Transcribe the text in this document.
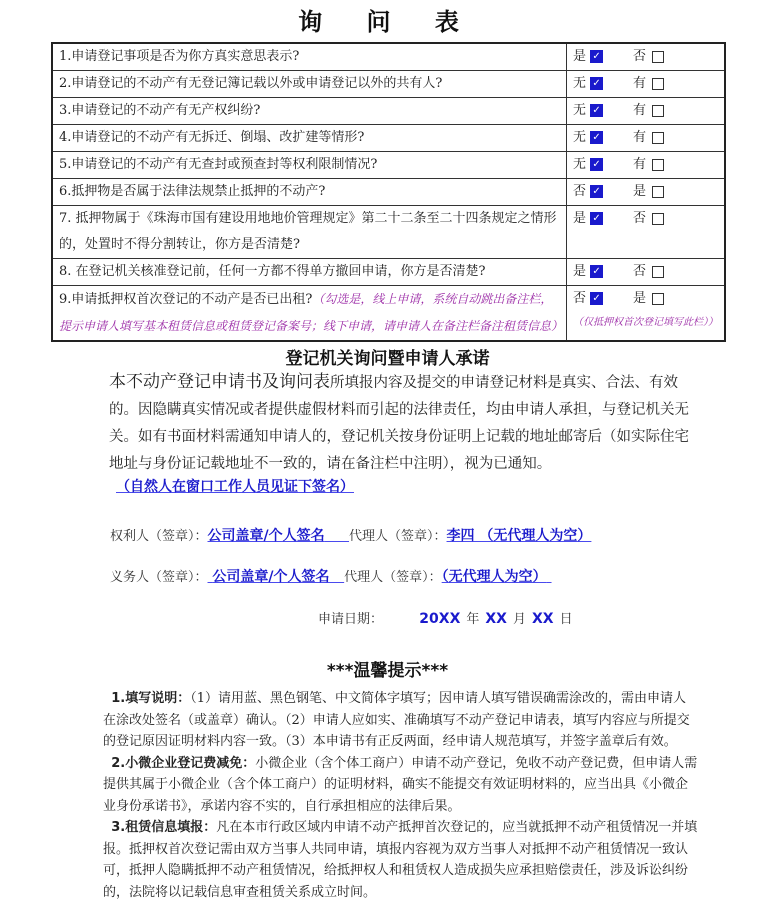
询 问 表
1.申请登记事项是否为你方真实意思表示?	是 ✓ 否
2.申请登记的不动产有无登记簿记载以外或申请登记以外的共有人?	无 ✓ 有
3.申请登记的不动产有无产权纠纷?	无 ✓ 有
4.申请登记的不动产有无拆迁、倒塌、改扩建等情形?	无 ✓ 有
5.申请登记的不动产有无查封或预查封等权利限制情况?	无 ✓ 有
6.抵押物是否属于法律法规禁止抵押的不动产?	否 ✓ 是
7. 抵押物属于《珠海市国有建设用地地价管理规定》第二十二条至二十四条规定之情形的，处置时不得分割转让，你方是否清楚?	是 ✓ 否
8. 在登记机关核准登记前，任何一方都不得单方撤回申请，你方是否清楚?	是 ✓ 否
9.申请抵押权首次登记的不动产是否已出租?（勾选是，线上申请，系统自动跳出备注栏，提示申请人填写基本租赁信息或租赁登记备案号；线下申请，请申请人在备注栏备注租赁信息）	否 ✓ 是
（仅抵押权首次登记填写此栏））
登记机关询问暨申请人承诺
本不动产登记申请书及询问表所填报内容及提交的申请登记材料是真实、合法、有效的。因隐瞒真实情况或者提供虚假材料而引起的法律责任，均由申请人承担，与登记机关无关。如有书面材料需通知申请人的，登记机关按身份证明上记载的地址邮寄后（如实际住宅地址与身份证记载地址不一致的，请在备注栏中注明），视为已通知。
（自然人在窗口工作人员见证下签名）
权利人（签章）：公司盖章/个人签名 代理人（签章）：李四 （无代理人为空）
义务人（签章）： 公司盖章/个人签名 代理人（签章）：（无代理人为空）
申请日期：	20XX 年 XX 月 XX 日
***温馨提示***

1.填写说明：（1）请用蓝、黑色钢笔、中文简体字填写；因申请人填写错误确需涂改的，需由申请人在涂改处签名（或盖章）确认。（2）申请人应如实、准确填写不动产登记申请表，填写内容应与所提交的登记原因证明材料内容一致。（3）本申请书有正反两面，经申请人规范填写，并签字盖章后有效。

2.小微企业登记费减免：小微企业（含个体工商户）申请不动产登记，免收不动产登记费，但申请人需提供其属于小微企业（含个体工商户）的证明材料，确实不能提交有效证明材料的，应当出具《小微企业身份承诺书》，承诺内容不实的，自行承担相应的法律后果。

3.租赁信息填报：凡在本市行政区域内申请不动产抵押首次登记的，应当就抵押不动产租赁情况一并填报。抵押权首次登记需由双方当事人共同申请，填报内容视为双方当事人对抵押不动产租赁情况一致认可，抵押人隐瞒抵押不动产租赁情况，给抵押权人和租赁权人造成损失应承担赔偿责任，涉及诉讼纠纷的，法院将以记载信息审查租赁关系成立时间。
